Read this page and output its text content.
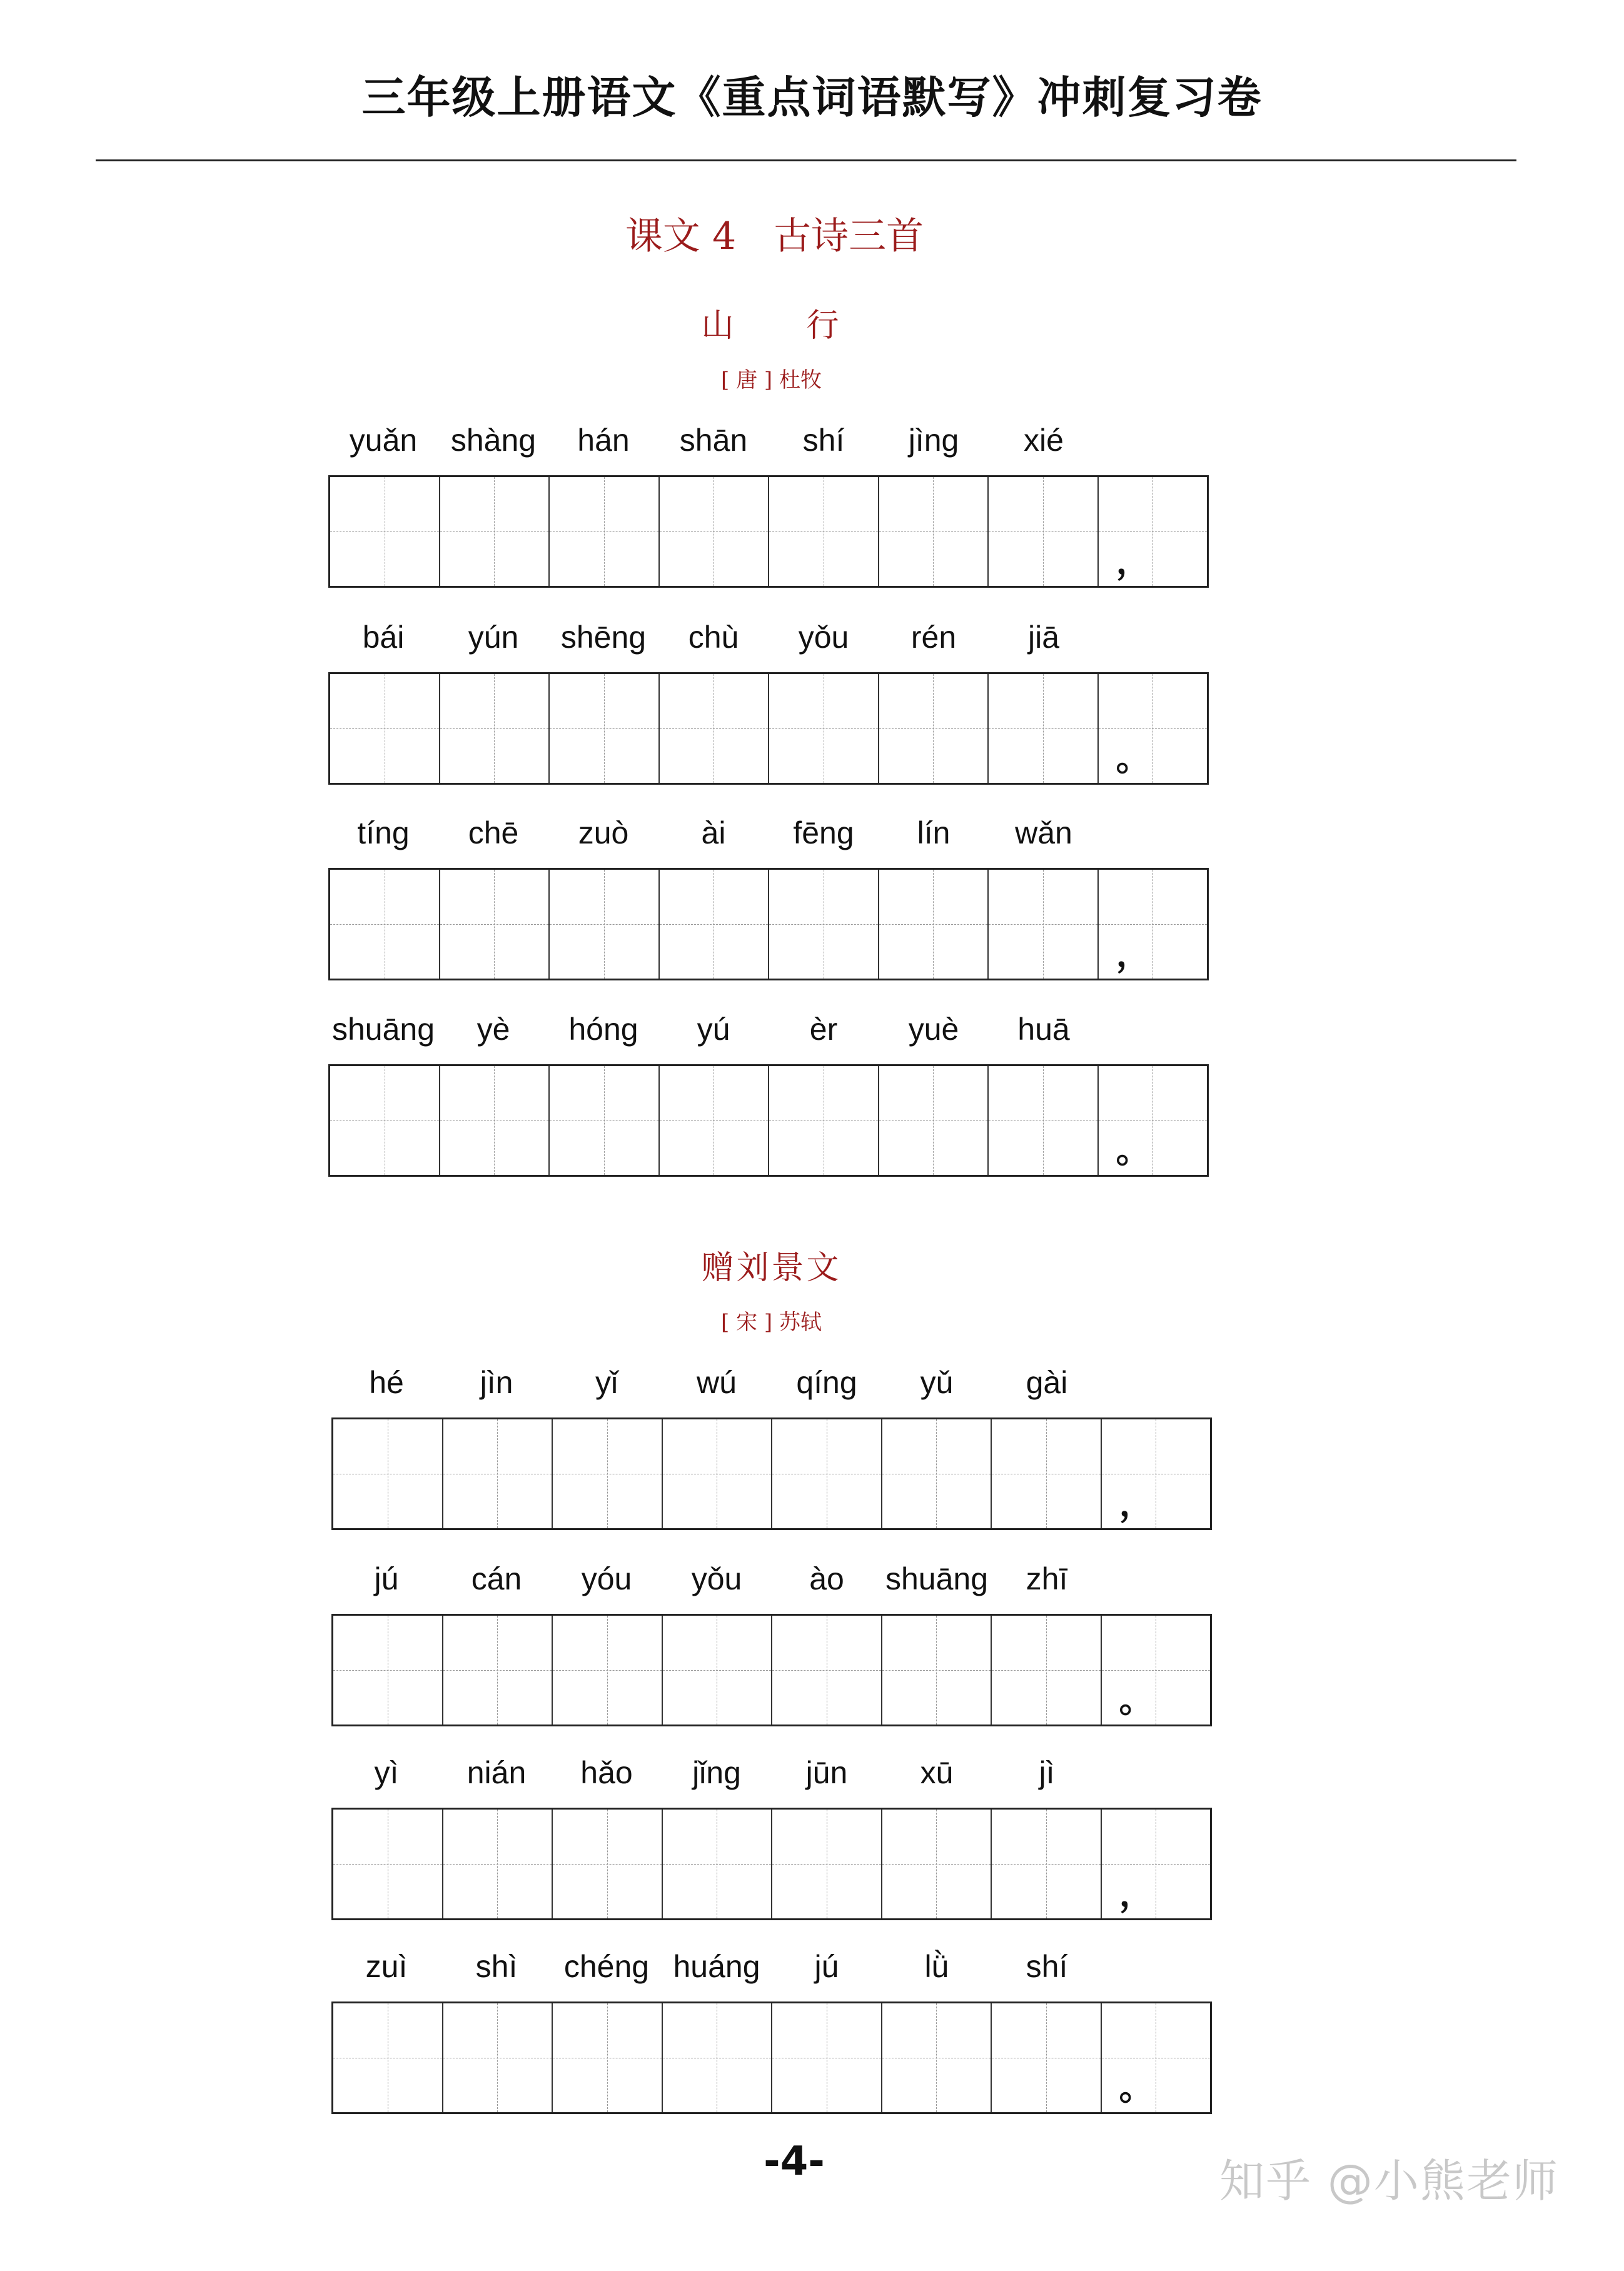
三年级上册语文《重点词语默写》冲刺复习卷
课文 4　古诗三首
山　　行
[ 唐 ] 杜牧
yuǎn	shàng	hán	shān	shí	jìng	xié
，
bái	yún	shēng	chù	yǒu	rén	jiā
。
tíng	chē	zuò	ài	fēng	lín	wǎn
，
shuāng	yè	hóng	yú	èr	yuè	huā
。
赠刘景文
[ 宋 ] 苏轼
hé	jìn	yǐ	wú	qíng	yǔ	gài
，
jú	cán	yóu	yǒu	ào	shuāng	zhī
。
yì	nián	hǎo	jǐng	jūn	xū	jì
，
zuì	shì	chéng huáng	jú	lǜ	shí
。
-4-	知乎 @小熊老师
